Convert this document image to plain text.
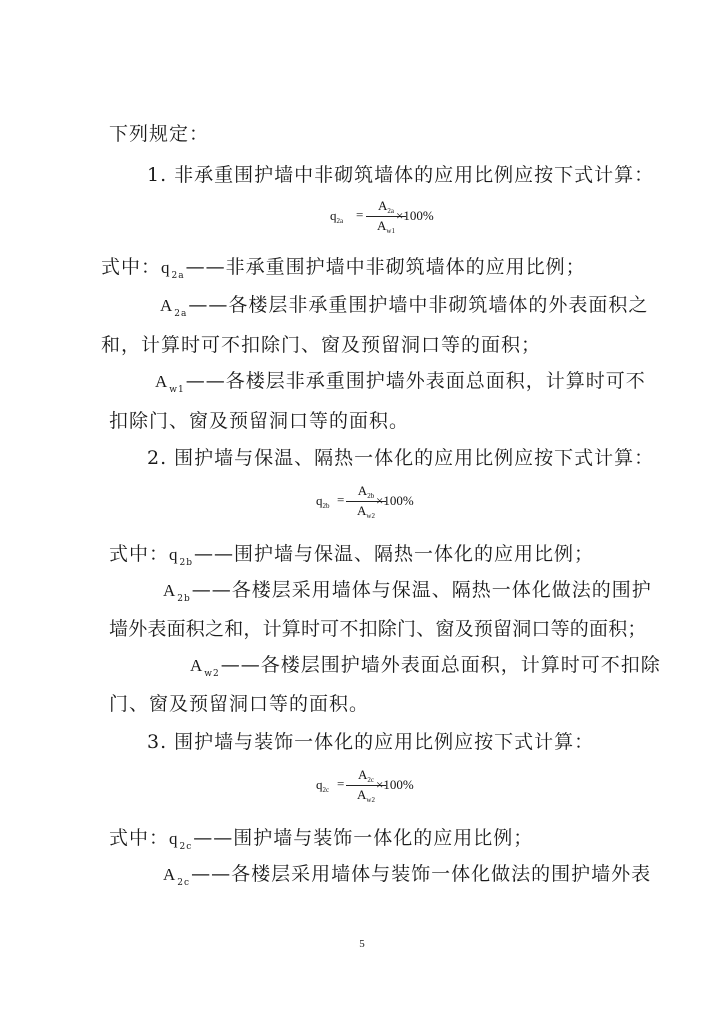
下列规定：
1. 非承重围护墙中非砌筑墙体的应用比例应按下式计算：
$q_{2a} = \frac{A_{2a}}{A_{w1}}$
×100%
式中：$q_{2a}——$非承重围护墙中非砌筑墙体的应用比例；
$A_{2a}——$各楼层非承重围护墙中非砌筑墙体的外表面积之
和，计算时可不扣除门、窗及预留洞口等的面积；
$A_{w1}——$各楼层非承重围护墙外表面总面积，计算时可不
扣除门、窗及预留洞口等的面积。
2. 围护墙与保温、隔热一体化的应用比例应按下式计算：
$q_{2b} = \frac{A_{2b}}{A_{w2}}$
×100%
式中：$q_{2b}——$围护墙与保温、隔热一体化的应用比例；
$A_{2b}——$各楼层采用墙体与保温、隔热一体化做法的围护
墙外表面积之和，计算时可不扣除门、窗及预留洞口等的面积；
$A_{w2}——$各楼层围护墙外表面总面积，计算时可不扣除
门、窗及预留洞口等的面积。
3. 围护墙与装饰一体化的应用比例应按下式计算：
$q_{2c} = \frac{A_{2c}}{A_{w2}}$
×100%
式中：$q_{2c}——$围护墙与装饰一体化的应用比例；
$A_{2c}——$各楼层采用墙体与装饰一体化做法的围护墙外表
5
